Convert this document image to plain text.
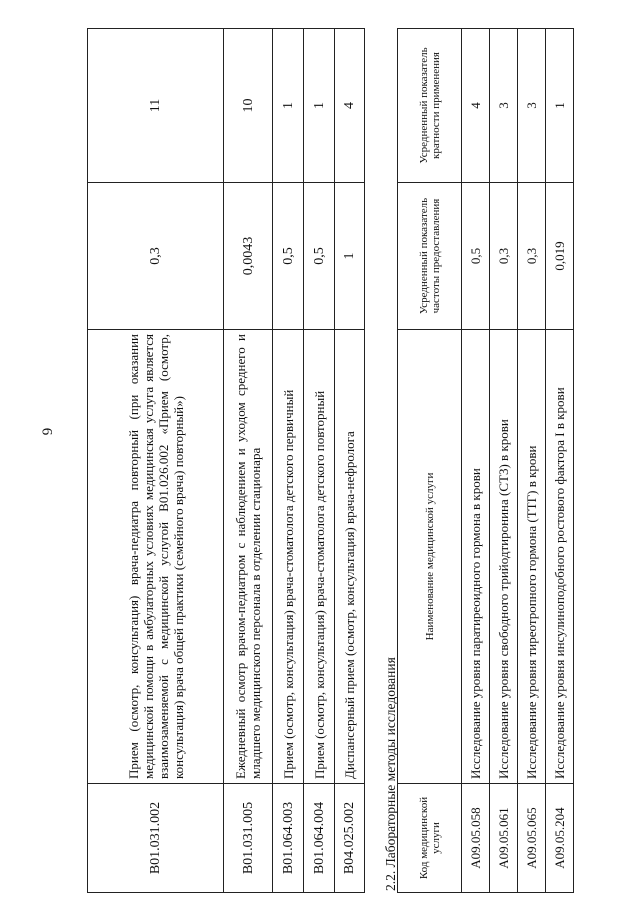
6
B01.031.002	Прием (осмотр, консультация) врача-педиатра повторный (при оказании медицинской помощи в амбулаторных условиях медицинская услуга является взаимозаменяемой с медицинской услугой B01.026.002 «Прием (осмотр, консультация) врача общей практики (семейного врача) повторный»)	0,3	11
B01.031.005	Ежедневный осмотр врачом-педиатром с наблюдением и уходом среднего и младшего медицинского персонала в отделении стационара	0,0043	10
B01.064.003	Прием (осмотр, консультация) врача-стоматолога детского первичный	0,5	1
B01.064.004	Прием (осмотр, консультация) врача-стоматолога детского повторный	0,5	1
B04.025.002	Диспансерный прием (осмотр, консультация) врача-нефролога	1	4
2.2. Лабораторные методы исследования Код медицинской услуги	Наименование медицинской услуги	Усредненный показатель частоты предоставления	Усредненный показатель кратности применения
A09.05.058	Исследование уровня паратиреоидного гормона в крови	0,5	4
A09.05.061	Исследование уровня свободного трийодтиронина (СТ3) в крови	0,3	3
A09.05.065	Исследование уровня тиреотропного гормона (ТТГ) в крови	0,3	3
A09.05.204	Исследование уровня инсулиноподобного ростового фактора I в крови	0,019	1
